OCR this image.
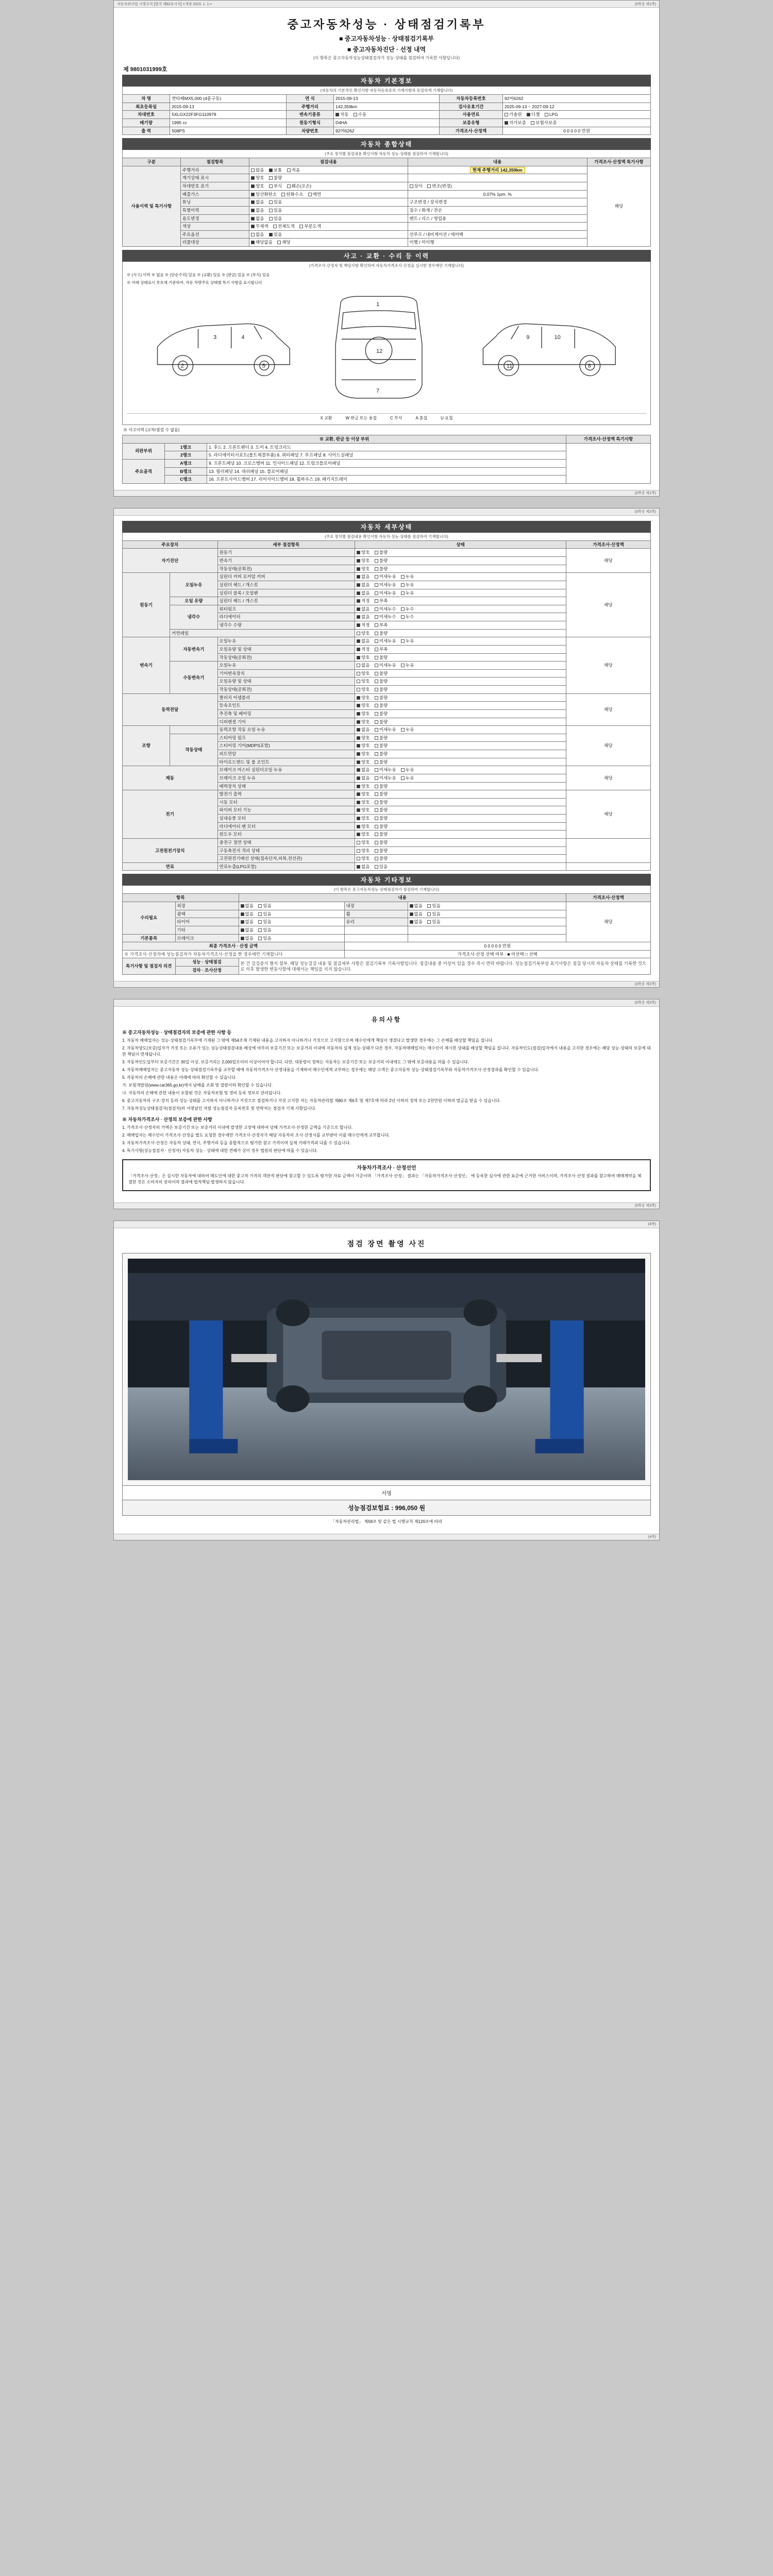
자동차관리법 시행규칙 [별지 제82호서식] <개정 2023. 1. 1.>	(3쪽중 제1쪽)
중고자동차성능 · 상태점검기록부
■ 중고자동차성능 · 상태점검기록부
■ 중고자동차진단 · 선정 내역
(이 항목은 중고자동차성능상태점검자가 성능·상태를 점검하여 기록한 사항입니다)
제 9801031999호
자동차 기본정보
(자동차의 기본적인 확인사항 자동차등록증의 기재사항과 동일하게 기재합니다)
차 명	싼타페MX5,000 (4륜구동)	연 식	2015-09-13	자동차등록번호	92머6262
최초등록일	2015-09-13	주행거리	142,359km	검사유효기간	2025-09-13 ~ 2027-09-12
차대번호	5XLGX22F3FG110978	변속기종류	자동 수동	사용연료	가솔린 디젤 LPG
배기량	1995 cc	원동기형식	D4HA	보증유형	자가보증 보험사보증
출 력	508PS	차량번호	92머6262	가격조사·산정액	0 0 0 0 0 만원
자동차 종합상태
(주요 장치별 점검내용 확인사항 자동차 성능·상태를 점검하여 기재합니다)
구분	점검항목	점검내용	내용	가격조사·산정액 특기사항
사용이력 및 특기사항	주행거리	많음 보통 적음	현재 주행거리 142,359km	해당
	계기상태 표시	양호 불량		
	차대번호 표기	양호 부식 훼손(오손)	상이 변조(변경)	
	배출가스	일산화탄소 탄화수소 매연	0.07% 1pm. %	
	튜닝	없음 있음	구조변경 / 장치변경	
	특별이력	없음 있음	침수 / 화재 / 전손	
	용도변경	없음 있음	렌트 / 리스 / 영업용	
	색상	무채색 전체도색 부분도색		
	주요옵션	없음 있음	선루프 / 내비게이션 / 에어백	
	리콜대상	해당없음 해당	이행 / 미이행	
사고 · 교환 · 수리 등 이력
(가격조사·산정자 및 책임사항 확인하여 자동차가격조사·산정을 실시한 경우에만 기재합니다)
※ (사고) 이력 ※ 없음 ※ (단순수리) 있음 ※ (교환) 있음 ※ (판금) 있음 ※ (부식) 있음
※ 아래 상태표시 부호에 기준하여, 자동 차량주요 상태별 특기 사항을 표시합니다
2	5
3	4
12
1
7
8
11
10
9
X 교환	W 판금 또는 용접	C 부식	A 흠집	U 요철
※ 사고이력 (교차/점검 수 없음)
※ 교환, 판금 등 이상 부위			가격조사·산정액 특기사항
외판부위	1랭크	1. 후드 2. 프론트펜더 3. 도어 4. 트렁크리드	
	2랭크	5. 라디에이터서포트(볼트체결부품) 6. 쿼터패널 7. 루프패널 8. 사이드실패널	
주요골격	A랭크	9. 프론트패널 10. 크로스멤버 11. 인사이드패널 12. 트렁크플로어패널	
	B랭크	13. 필러패널 14. 대쉬패널 15. 플로어패널	
	C랭크	16. 프론트사이드멤버 17. 리어사이드멤버 18. 휠하우스 19. 패키지트레이	
(3쪽중 제1쪽)
(3쪽중 제2쪽)
자동차 세부상태
(주요 장치별 점검내용 확인사항 자동차 성능·상태를 점검하여 기재합니다)
주요장치		세부 점검항목	상태	가격조사·산정액
자기진단		원동기	양호 불량	해당
		변속기	양호 불량	
		작동상태(공회전)	양호 불량	
원동기	오일누유	실린더 커버 로커암 커버	없음 미세누유 누유	해당
		실린더 헤드 / 개스킷	없음 미세누유 누유	
		실린더 블록 / 오일팬	없음 미세누유 누유	
	오일 유량	실린더 헤드 / 개스킷	적정 부족	
	냉각수	워터펌프	없음 미세누수 누수	
		라디에이터	없음 미세누수 누수	
		냉각수 수량	적정 부족	
	커먼레일		양호 불량	
변속기	자동변속기	오일누유	없음 미세누유 누유	해당
		오일유량 및 상태	적정 부족	
		작동상태(공회전)	양호 불량	
	수동변속기	오일누유	없음 미세누유 누유	
		기어변속장치	양호 불량	
		오일유량 및 상태	양호 불량	
		작동상태(공회전)	양호 불량	
동력전달		클러치 어셈블리	양호 불량	해당
		등속조인트	양호 불량	
		추진축 및 베어링	양호 불량	
		디퍼렌셜 기어	양호 불량	
조향		동력조향 작동 오일 누유	없음 미세누유 누유	해당
	작동상태	스티어링 펌프	양호 불량	
		스티어링 기어(MDPS포함)	양호 불량	
		피트먼암	양호 불량	
		타이로드엔드 및 볼 조인트	양호 불량	
제동		브레이크 마스터 실린더오일 누유	없음 미세누유 누유	해당
		브레이크 오일 누유	없음 미세누유 누유	
		배력장치 상태	양호 불량	
전기		발전기 출력	양호 불량	해당
		시동 모터	양호 불량	
		와이퍼 모터 기능	양호 불량	
		실내송풍 모터	양호 불량	
		라디에이터 팬 모터	양호 불량	
		윈도우 모터	양호 불량	
고전원전기장치		충전구 절연 상태	양호 불량	
		구동축전지 격리 상태	양호 불량	
		고전원전기배선 상태(접속단자,피복,전선관)	양호 불량	
연료		연료누출(LPG포함)	없음 있음	
자동차 기타정보
(이 항목은 중고자동차성능·상태점검자가 점검하여 기재합니다)
항목		내용			가격조사·산정액
수리필요	외장	없음 있음	내장	없음 있음	해당
	광택	없음 있음	휠	없음 있음	
	타이어	없음 있음	유리	없음 있음	
	기타	없음 있음			
기본품목	브레이크	없음 있음			
최종 가격조사 · 산정 금액			0 0 0 0 0 만원		
※ 가격조사·산정자에 성능점검자가 자동차가격조사·산정을 한 경우에만 기재합니다			가격조사·산정 선택 여부 : ■ 미선택 □ 선택		
특기사항 및 점검자 의견	성능 · 상태점검	본 건 검검증거 별지 첨부, 해당 성능검검 내용 및 점검세부 사항은 점검기록부 기록사항입니다. 점검내용 중 이상이 있을 경우 즉시 연락 바랍니다. 성능점검기록부상 표기사항은 점검 당시의 자동차 상태를 기록한 것으로 이후 발생한 변동사항에 대해서는 책임을 지지 않습니다.			
	검차 · 조사산정				
(3쪽중 제2쪽)
(3쪽중 제3쪽)
유의사항
※ 중고자동차성능 · 상태점검자의 보증에 관한 사항 등

1. 자동차 매매업자는 성능·상태점검기록부에 기재된 그 밖에 제54조제 기재된 내용을 고지하지 아니하거나 거짓으로 고지함으로써 매수인에게 책임이 생겼다고 발생한 경우에는 그 손해를 배상할 책임을 집니다.

2. 자동차양도(보증)일자가 거짓 또는 오류가 있는 성능상태점검내용 배상에 여부의 보증기간 또는 보증거리 이내에 자동차의 실제 성능·상태가 다른 경우, 자동차매매업자는 매수인이 제시한 상태를 배상할 책임을 집니다. 자동차인도(점검)일자에서 내용을 고지한 경우에는 해당 성능·상태의 보증에 대한 책임이 면제됩니다.

3. 자동차인도일부터 보증기간은 30일 이상, 보증거리는 2,000킬로미터 이상이어야 합니다. 다만, 대통령이 정하는 자동차는 보증기간 또는 보증거리 이내에도 그 밖에 보증내용을 따를 수 있습니다.

4. 자동차매매업자는 중고자동차 성능·상태점검기록부를 교부할 때에 자동차가격조사·산정내용을 기재하여 매수인에게 교부하는 경우에는 해당 고객은 중고자동차 성능·상태점검기록부와 자동차가격조사·산정결과를 확인할 수 있습니다.

5. 자동차의 손해에 관한 내용은 아래에 따라 확인할 수 있습니다.

가. 보험개발원(www.car365.go.kr)에서 남해를 조회 및 열람이하 확인할 수 있습니다.

나. 자동차의 손해에 관한 내용이 포함된 것은 자동차보험 및 정비 등록 정보로 관리됩니다.

6. 중고자동차의 구조·장치 등의 성능·상태를 고지하지 아니하거나 거짓으로 점검하거나 거짓 고지한 자는 자동차관리법 제80조 제6호 및 제7호에 따라 2년 이하의 징역 또는 2천만원 이하의 벌금을 받을 수 있습니다.

7. 자동차성능상태점검자(점검자)의 서명날인 자필 성능점검자 등록번호 및 연락처는 점검자 기재 사항입니다.

※ 자동차가격조사 · 산정의 보증에 관한 사항

1. 가격조사·산정자의 가액은 보증기간 또는 보증거리 이내에 발생한 고장에 대하여 당해 가격조사·산정한 금액을 기준으로 합니다.

2. 매매업자는 매수인이 가격조사·산정을 별도 요청한 경우에만 가격조사·산정자가 해당 자동차의 조사·산정서를 교부받아 이를 매수인에게 교부합니다.

3. 자동차가격조사·산정은 자동차 상태, 연식, 주행거리 등을 종합적으로 평가한 참고 가격이며 실제 거래가격과 다를 수 있습니다.

4. 특기사항(성능점검자 · 산정자) 자동차 성능 · 상태에 대한 견해가 상이 경우 법원의 판단에 따를 수 있습니다.

자동차가격조사 · 산정선언

「가격조사·산정」은 실시한 자동차에 대하여 매도인에 대한 중고차 가격의 객관적 판단에 참고할 수 있도록 평가한 자료 금액이 기준이며 「가격조사·산정」 결과는 「자동차가격조사·산정인」 에 등록한 실사에 관한 표준에 근거한 서비스이며, 가격조사·산정 결과를 참고하여 매매계약을 체결한 것은 소비자의 권리이며 결과에 법적책임 발생하지 않습니다.

(3쪽중 제3쪽)
(4쪽)
점검 장면 촬영 사진
서명
성능점검보험료 : 996,050 원
「자동차관리법」 제58조 및 같은 법 시행규칙 제120조에 따라
(4쪽)
